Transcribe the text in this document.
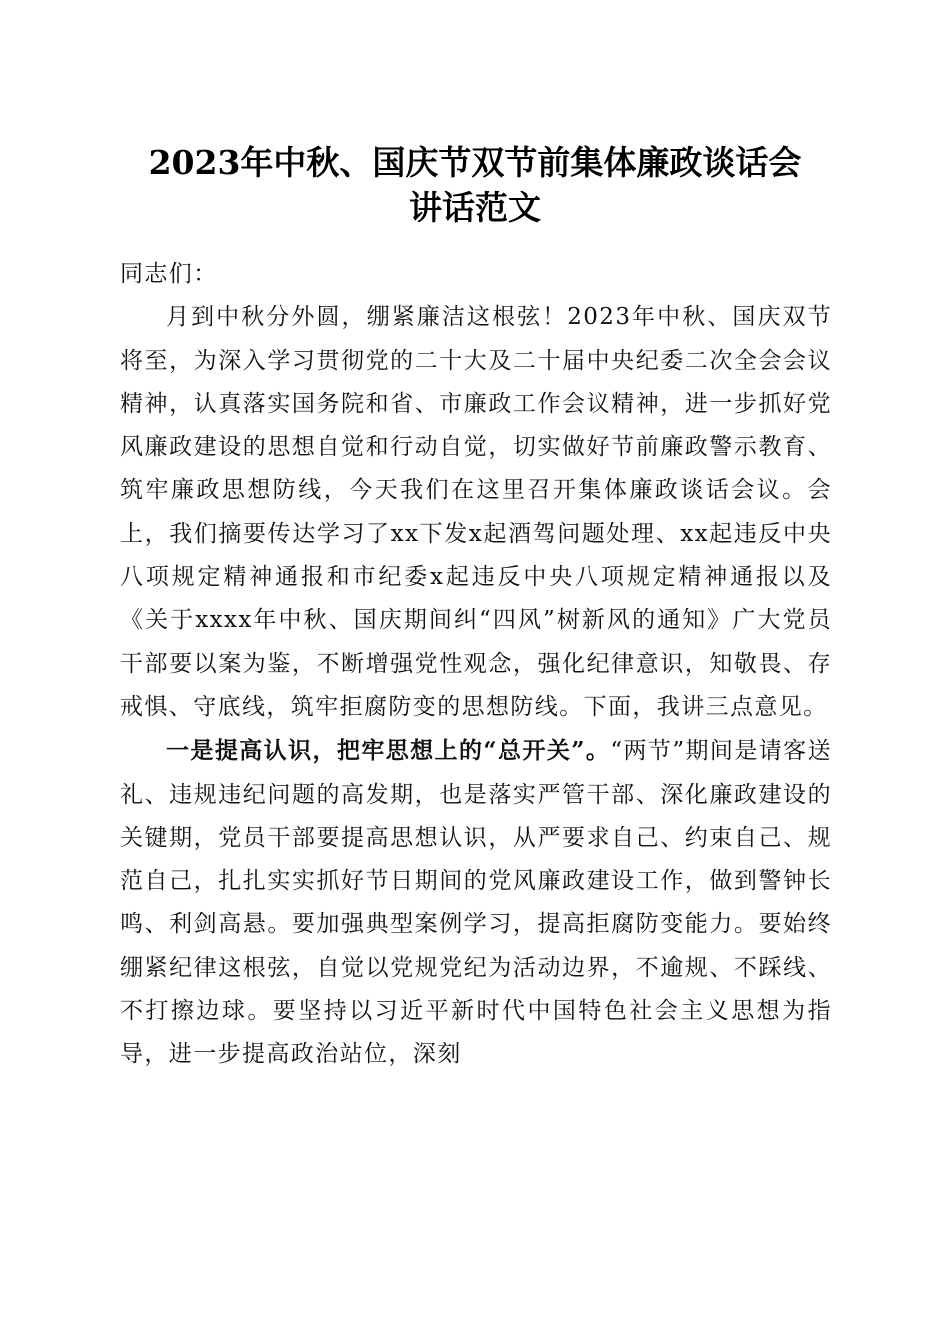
2023年中秋、国庆节双节前集体廉政谈话会
讲话范文

同志们：

月到中秋分外圆，绷紧廉洁这根弦！2023年中秋、国庆双节将至，为深入学习贯彻党的二十大及二十届中央纪委二次全会会议精神，认真落实国务院和省、市廉政工作会议精神，进一步抓好党风廉政建设的思想自觉和行动自觉，切实做好节前廉政警示教育、筑牢廉政思想防线，今天我们在这里召开集体廉政谈话会议。会上，我们摘要传达学习了xx下发x起酒驾问题处理、xx起违反中央八项规定精神通报和市纪委x起违反中央八项规定精神通报以及《关于xxxx年中秋、国庆期间纠“四风”树新风的通知》广大党员干部要以案为鉴，不断增强党性观念，强化纪律意识，知敬畏、存戒惧、守底线，筑牢拒腐防变的思想防线。下面，我讲三点意见。

一是提高认识，把牢思想上的“总开关”。“两节”期间是请客送礼、违规违纪问题的高发期，也是落实严管干部、深化廉政建设的关键期，党员干部要提高思想认识，从严要求自己、约束自己、规范自己，扎扎实实抓好节日期间的党风廉政建设工作，做到警钟长鸣、利剑高悬。要加强典型案例学习，提高拒腐防变能力。要始终绷紧纪律这根弦，自觉以党规党纪为活动边界，不逾规、不踩线、不打擦边球。要坚持以习近平新时代中国特色社会主义思想为指导，进一步提高政治站位，深刻
